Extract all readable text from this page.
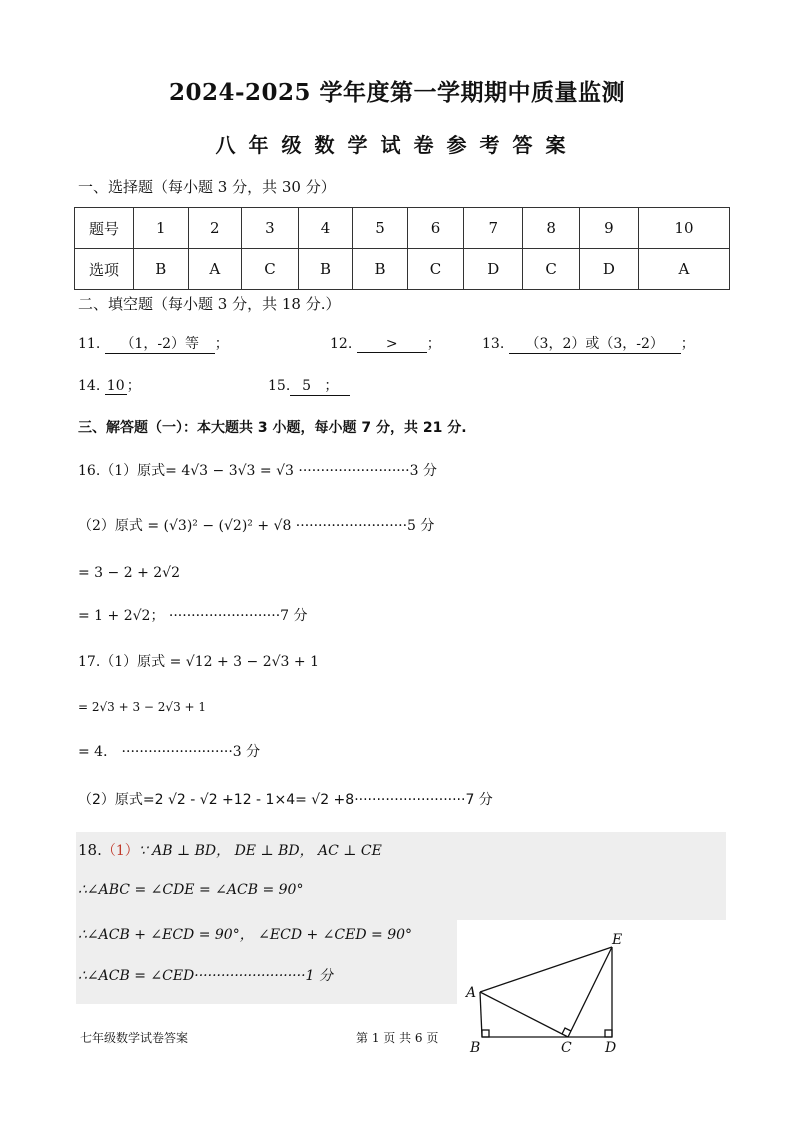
2024-2025 学年度第一学期期中质量监测
八年级数学试卷参考答案
一、选择题（每小题 3 分，共 30 分）
题号	1	2	3	4	5	6	7	8	9	10
选项	B	A	C	B	B	C	D	C	D	A
二、填空题（每小题 3 分，共 18 分.）
11. （1，-2）等 ；	12. > ；	13. （3，2）或（3，-2） ；
14. 10 ；	15. 5 ；
三、解答题（一）：本大题共 3 小题，每小题 7 分，共 21 分.
16.（1）原式= 4√3 − 3√3 = √3 ·························3 分
（2）原式 = (√3)² − (√2)² + √8 ·························5 分
= 3 − 2 + 2√2
= 1 + 2√2； ·························7 分
17.（1）原式 = √12 + 3 − 2√3 + 1
= 2√3 + 3 − 2√3 + 1
= 4． ·························3 分
（2）原式=2 √2 - √2 +12 - 1×4= √2 +8·························7 分
18.（1）∵ AB ⊥ BD， DE ⊥ BD， AC ⊥ CE
∴∠ABC = ∠CDE = ∠ACB = 90°
∴∠ACB + ∠ECD = 90°， ∠ECD + ∠CED = 90°
∴∠ACB = ∠CED·························1 分
A
B	C D
E
七年级数学试卷答案	第 1 页 共 6 页
